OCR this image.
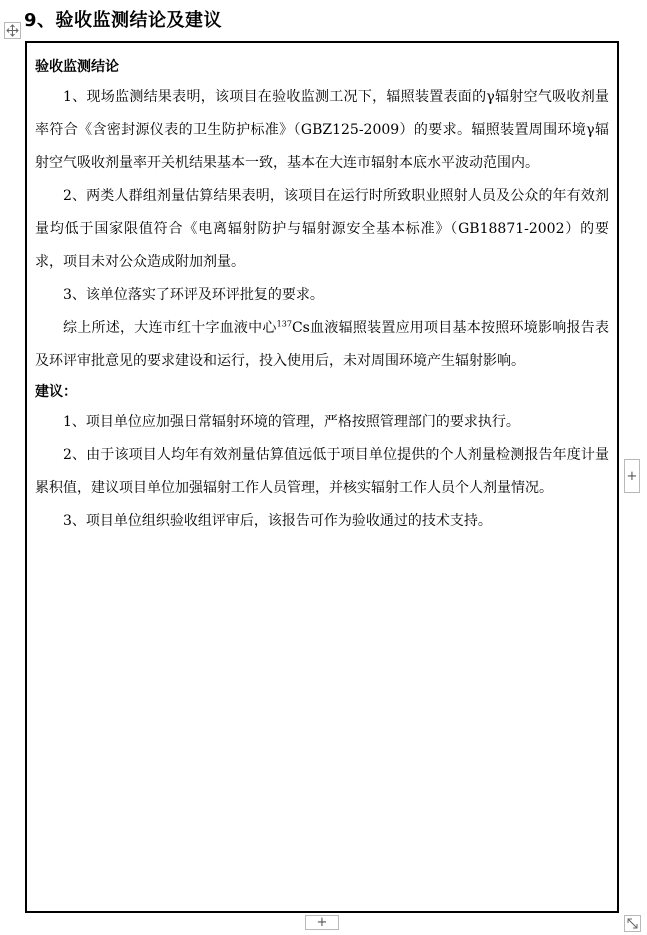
9、验收监测结论及建议
验收监测结论

1、现场监测结果表明，该项目在验收监测工况下，辐照装置表面的γ辐射空气吸收剂量率符合《含密封源仪表的卫生防护标准》（GBZ125-2009）的要求。辐照装置周围环境γ辐射空气吸收剂量率开关机结果基本一致，基本在大连市辐射本底水平波动范围内。

2、两类人群组剂量估算结果表明，该项目在运行时所致职业照射人员及公众的年有效剂量均低于国家限值符合《电离辐射防护与辐射源安全基本标准》（GB18871-2002）的要求，项目未对公众造成附加剂量。

3、该单位落实了环评及环评批复的要求。

综上所述，大连市红十字血液中心$^{137}$Cs血液辐照装置应用项目基本按照环境影响报告表及环评审批意见的要求建设和运行，投入使用后，未对周围环境产生辐射影响。

建议：

1、项目单位应加强日常辐射环境的管理，严格按照管理部门的要求执行。

2、由于该项目人均年有效剂量估算值远低于项目单位提供的个人剂量检测报告年度计量累积值，建议项目单位加强辐射工作人员管理，并核实辐射工作人员个人剂量情况。

3、项目单位组织验收组评审后，该报告可作为验收通过的技术支持。

+
+
